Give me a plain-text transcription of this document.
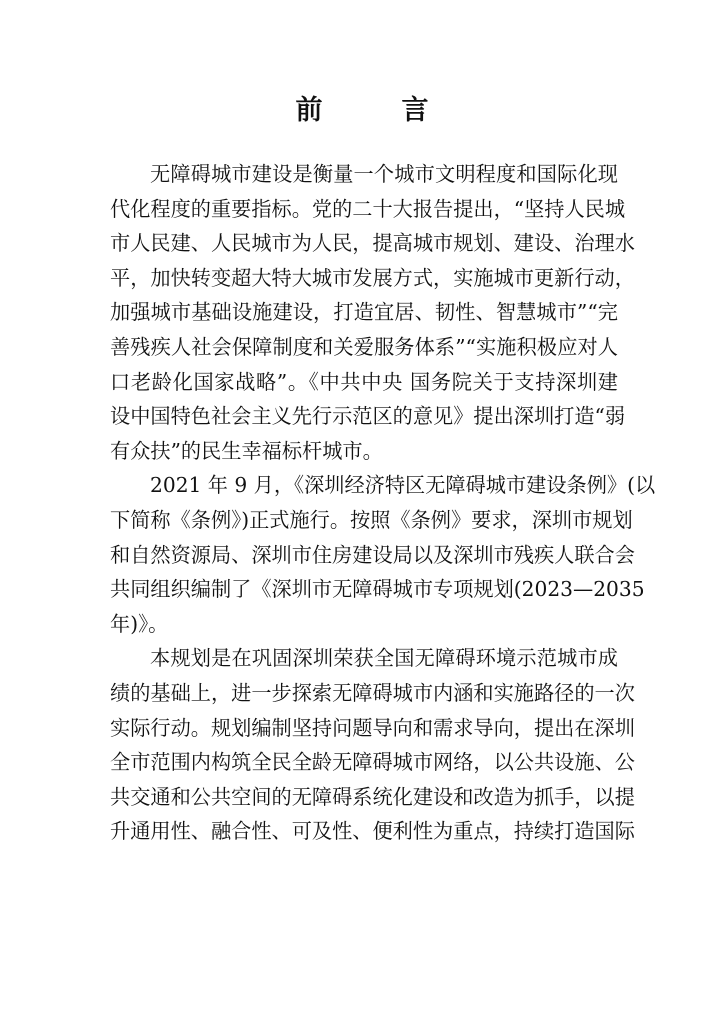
前　言

无障碍城市建设是衡量一个城市文明程度和国际化现
代化程度的重要指标。党的二十大报告提出，“坚持人民城
市人民建、人民城市为人民，提高城市规划、建设、治理水
平，加快转变超大特大城市发展方式，实施城市更新行动，
加强城市基础设施建设，打造宜居、韧性、智慧城市”“完
善残疾人社会保障制度和关爱服务体系”“实施积极应对人
口老龄化国家战略”。《中共中央 国务院关于支持深圳建
设中国特色社会主义先行示范区的意见》提出深圳打造“弱
有众扶”的民生幸福标杆城市。

2021 年 9 月，《深圳经济特区无障碍城市建设条例》(以
下简称《条例》)正式施行。按照《条例》要求，深圳市规划
和自然资源局、深圳市住房建设局以及深圳市残疾人联合会
共同组织编制了《深圳市无障碍城市专项规划(2023—2035
年)》。

本规划是在巩固深圳荣获全国无障碍环境示范城市成
绩的基础上，进一步探索无障碍城市内涵和实施路径的一次
实际行动。规划编制坚持问题导向和需求导向，提出在深圳
全市范围内构筑全民全龄无障碍城市网络，以公共设施、公
共交通和公共空间的无障碍系统化建设和改造为抓手，以提
升通用性、融合性、可及性、便利性为重点，持续打造国际
